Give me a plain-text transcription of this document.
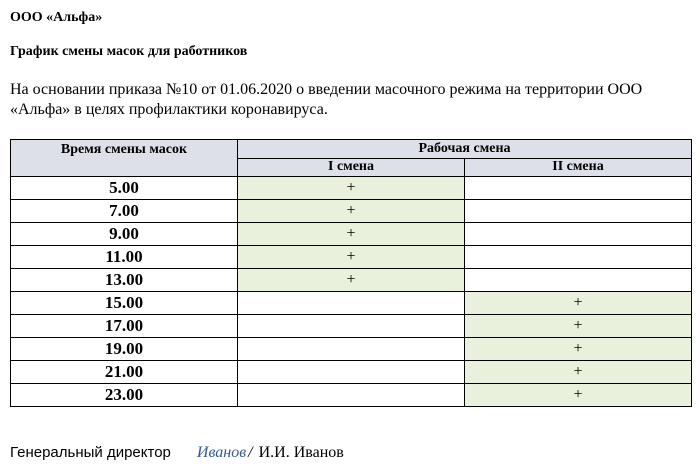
ООО «Альфа»
График смены масок для работников
На основании приказа №10 от 01.06.2020 о введении масочного режима на территории ООО «Альфа» в целях профилактики коронавируса.
Время смены масок	Рабочая смена	
	I смена	II смена
5.00	+	
7.00	+	
9.00	+	
11.00	+	
13.00	+	
15.00		+
17.00		+
19.00		+
21.00		+
23.00		+
Генеральный директор Иванов / И.И. Иванов
